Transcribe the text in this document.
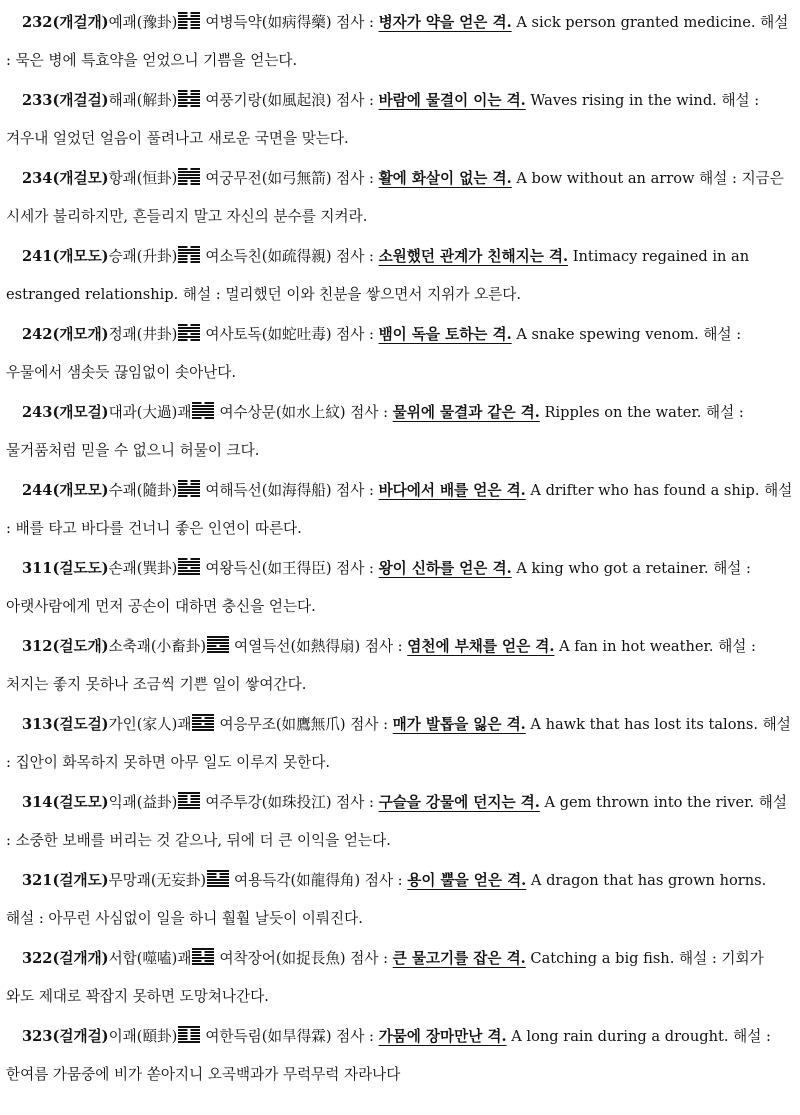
232(개걸개)예괘(豫卦) 여병득약(如病得藥) 점사 : 병자가 약을 얻은 격. A sick person granted medicine. 해설 : 묵은 병에 특효약을 얻었으니 기쁨을 얻는다.
233(개걸걸)해괘(解卦) 여풍기랑(如風起浪) 점사 : 바람에 물결이 이는 격. Waves rising in the wind. 해설 : 겨우내 얼었던 얼음이 풀려나고 새로운 국면을 맞는다.
234(개걸모)항괘(恒卦) 여궁무전(如弓無箭) 점사 : 활에 화살이 없는 격. A bow without an arrow 해설 : 지금은 시세가 불리하지만, 흔들리지 말고 자신의 분수를 지켜라.
241(개모도)승괘(升卦) 여소득친(如疏得親) 점사 : 소원했던 관계가 친해지는 격. Intimacy regained in an estranged relationship. 해설 : 멀리했던 이와 친분을 쌓으면서 지위가 오른다.
242(개모개)정괘(井卦) 여사토독(如蛇吐毒) 점사 : 뱀이 독을 토하는 격. A snake spewing venom. 해설 : 우물에서 샘솟듯 끊임없이 솟아난다.
243(개모걸)대과(大過)괘 여수상문(如水上紋) 점사 : 물위에 물결과 같은 격. Ripples on the water. 해설 : 물거품처럼 믿을 수 없으니 허물이 크다.
244(개모모)수괘(隨卦) 여해득선(如海得船) 점사 : 바다에서 배를 얻은 격. A drifter who has found a ship. 해설 : 배를 타고 바다를 건너니 좋은 인연이 따른다.
311(걸도도)손괘(巽卦) 여왕득신(如王得臣) 점사 : 왕이 신하를 얻은 격. A king who got a retainer. 해설 : 아랫사람에게 먼저 공손이 대하면 충신을 얻는다.
312(걸도개)소축괘(小畜卦) 여열득선(如熱得扇) 점사 : 염천에 부채를 얻은 격. A fan in hot weather. 해설 : 처지는 좋지 못하나 조금씩 기쁜 일이 쌓여간다.
313(걸도걸)가인(家人)괘 여응무조(如鷹無爪) 점사 : 매가 발톱을 잃은 격. A hawk that has lost its talons. 해설 : 집안이 화목하지 못하면 아무 일도 이루지 못한다.
314(걸도모)익괘(益卦) 여주투강(如珠投江) 점사 : 구슬을 강물에 던지는 격. A gem thrown into the river. 해설 : 소중한 보배를 버리는 것 같으나, 뒤에 더 큰 이익을 얻는다.
321(걸개도)무망괘(无妄卦) 여용득각(如龍得角) 점사 : 용이 뿔을 얻은 격. A dragon that has grown horns. 해설 : 아무런 사심없이 일을 하니 훨훨 날듯이 이뤄진다.
322(걸개개)서합(噬嗑)괘 여착장어(如捉長魚) 점사 : 큰 물고기를 잡은 격. Catching a big fish. 해설 : 기회가 와도 제대로 꽉잡지 못하면 도망쳐나간다.
323(걸개걸)이괘(頤卦) 여한득림(如旱得霖) 점사 : 가뭄에 장마만난 격. A long rain during a drought. 해설 : 한여름 가뭄중에 비가 쏟아지니 오곡백과가 무럭무럭 자라나다
